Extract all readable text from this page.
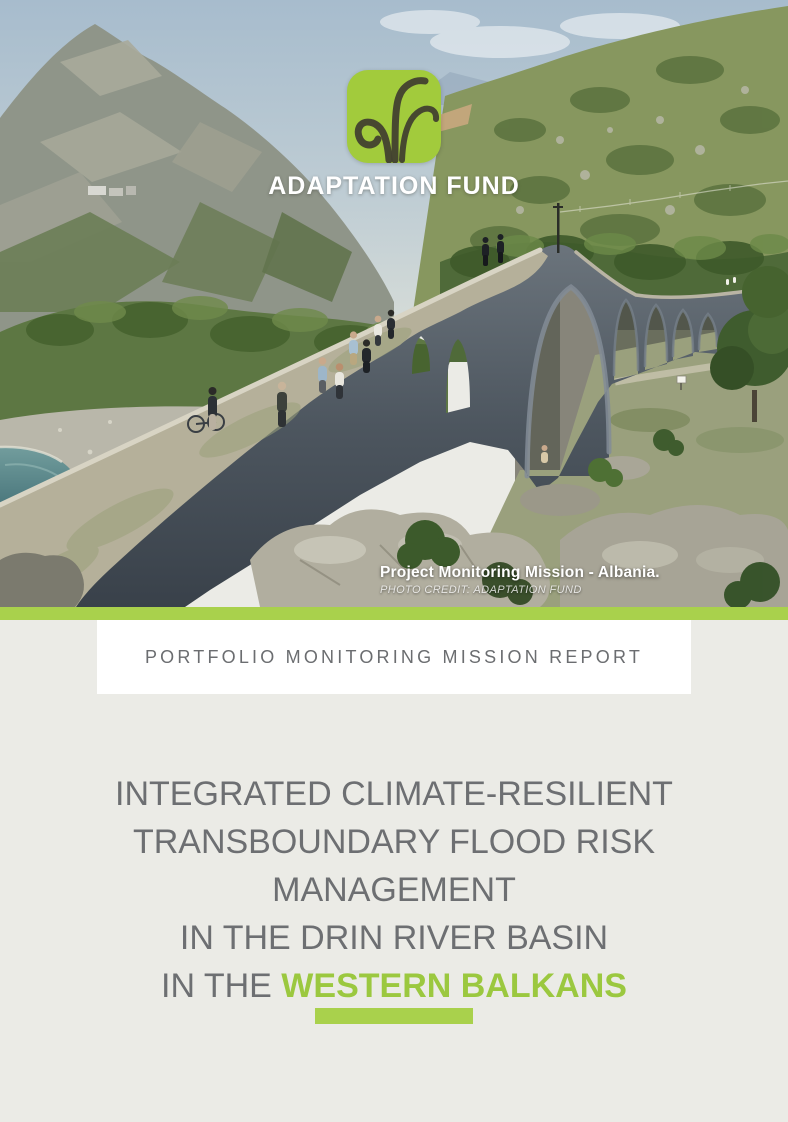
ADAPTATION FUND
Project Monitoring Mission - Albania.
PHOTO CREDIT: ADAPTATION FUND
PORTFOLIO MONITORING MISSION REPORT
INTEGRATED CLIMATE-RESILIENT
TRANSBOUNDARY FLOOD RISK
MANAGEMENT
IN THE DRIN RIVER BASIN
IN THE WESTERN BALKANS
